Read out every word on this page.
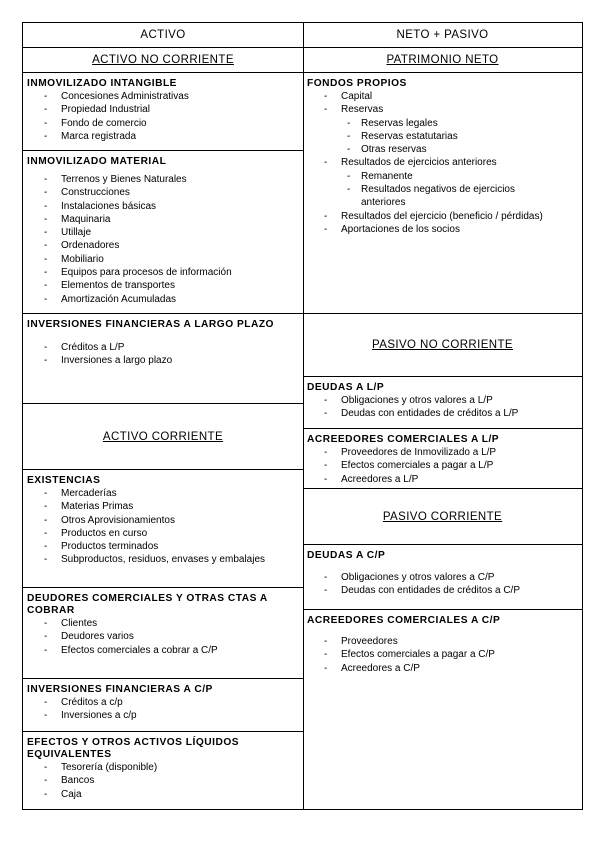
ACTIVO
ACTIVO NO CORRIENTE
INMOVILIZADO INTANGIBLE
- Concesiones Administrativas
- Propiedad Industrial
- Fondo de comercio
- Marca registrada
INMOVILIZADO MATERIAL
- Terrenos y Bienes Naturales
- Construcciones
- Instalaciones básicas
- Maquinaria
- Utillaje
- Ordenadores
- Mobiliario
- Equipos para procesos de información
- Elementos de transportes
- Amortización Acumuladas
INVERSIONES FINANCIERAS A LARGO PLAZO
- Créditos a L/P
- Inversiones a largo plazo
ACTIVO CORRIENTE
EXISTENCIAS
- Mercaderías
- Materias Primas
- Otros Aprovisionamientos
- Productos en curso
- Productos terminados
- Subproductos, residuos, envases y embalajes
DEUDORES COMERCIALES Y OTRAS CTAS A COBRAR
- Clientes
- Deudores varios
- Efectos comerciales a cobrar a C/P
INVERSIONES FINANCIERAS A C/P
- Créditos a c/p
- Inversiones a c/p
EFECTOS Y OTROS ACTIVOS LÍQUIDOS EQUIVALENTES
- Tesorería (disponible)
- Bancos
- Caja
NETO + PASIVO
PATRIMONIO NETO
FONDOS PROPIOS
- Capital
- Reservas
- Reservas legales
- Reservas estatutarias
- Otras reservas
- Resultados de ejercicios anteriores
- Remanente
- Resultados negativos de ejercicios anteriores
- Resultados del ejercicio (beneficio / pérdidas)
- Aportaciones de los socios
PASIVO NO CORRIENTE
DEUDAS A L/P
- Obligaciones y otros valores a L/P
- Deudas con entidades de créditos a L/P
ACREEDORES COMERCIALES A L/P
- Proveedores de Inmovilizado a L/P
- Efectos comerciales a pagar a L/P
- Acreedores a L/P
PASIVO CORRIENTE
DEUDAS A C/P
- Obligaciones y otros valores a C/P
- Deudas con entidades de créditos a C/P
ACREEDORES COMERCIALES A C/P
- Proveedores
- Efectos comerciales a pagar a C/P
- Acreedores a C/P
